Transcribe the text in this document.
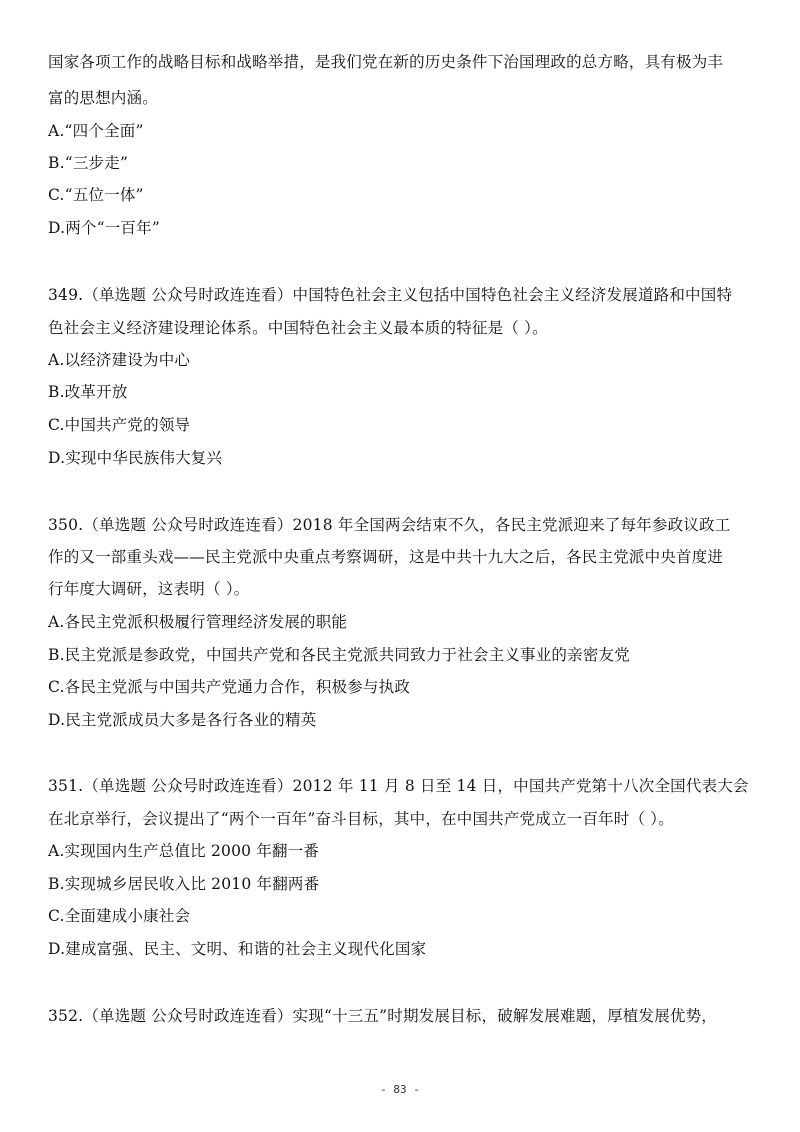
国家各项工作的战略目标和战略举措，是我们党在新的历史条件下治国理政的总方略，具有极为丰
富的思想内涵。
A.“四个全面”
B.“三步走”
C.“五位一体”
D.两个“一百年”
349.（单选题 公众号时政连连看）中国特色社会主义包括中国特色社会主义经济发展道路和中国特
色社会主义经济建设理论体系。中国特色社会主义最本质的特征是（ ）。
A.以经济建设为中心
B.改革开放
C.中国共产党的领导
D.实现中华民族伟大复兴
350.（单选题 公众号时政连连看）2018 年全国两会结束不久，各民主党派迎来了每年参政议政工
作的又一部重头戏——民主党派中央重点考察调研，这是中共十九大之后，各民主党派中央首度进
行年度大调研，这表明（ ）。
A.各民主党派积极履行管理经济发展的职能
B.民主党派是参政党，中国共产党和各民主党派共同致力于社会主义事业的亲密友党
C.各民主党派与中国共产党通力合作，积极参与执政
D.民主党派成员大多是各行各业的精英
351.（单选题 公众号时政连连看）2012 年 11 月 8 日至 14 日，中国共产党第十八次全国代表大会
在北京举行，会议提出了“两个一百年”奋斗目标，其中，在中国共产党成立一百年时（ ）。
A.实现国内生产总值比 2000 年翻一番
B.实现城乡居民收入比 2010 年翻两番
C.全面建成小康社会
D.建成富强、民主、文明、和谐的社会主义现代化国家
352.（单选题 公众号时政连连看）实现“十三五”时期发展目标，破解发展难题，厚植发展优势，
- 83 -
